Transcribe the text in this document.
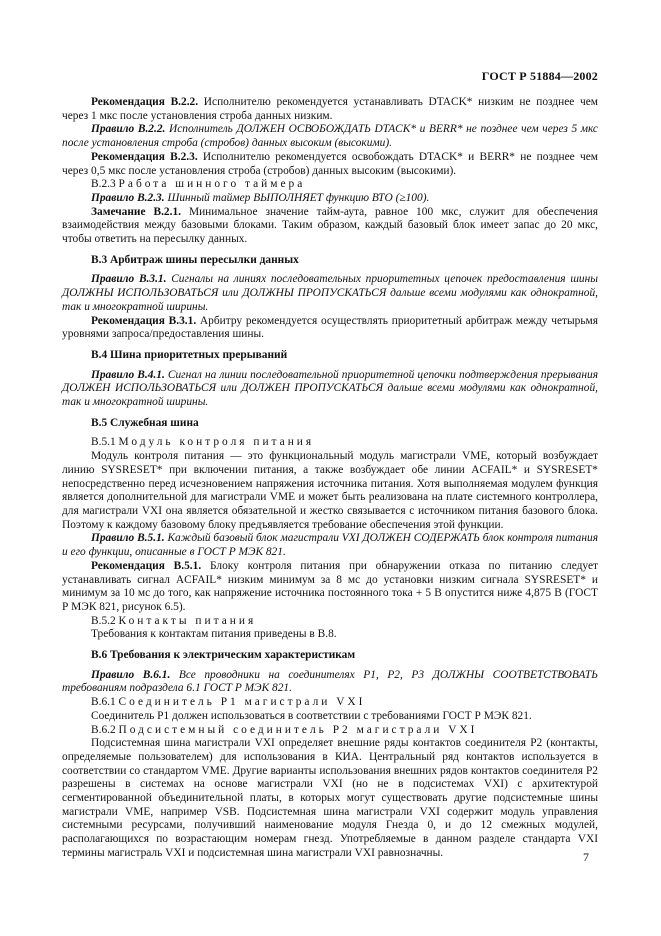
ГОСТ Р 51884—2002

Рекомендация В.2.2. Исполнителю рекомендуется устанавливать DTACK* низким не позднее чем через 1 мкс после установления строба данных низким.

Правило В.2.2. Исполнитель ДОЛЖЕН ОСВОБОЖДАТЬ DTACK* и BERR* не позднее чем через 5 мкс после установления строба (стробов) данных высоким (высокими).

Рекомендация В.2.3. Исполнителю рекомендуется освобождать DTACK* и BERR* не позднее чем через 0,5 мкс после установления строба (стробов) данных высоким (высокими).

В.2.3 Работа шинного таймера

Правило В.2.3. Шинный таймер ВЫПОЛНЯЕТ функцию ВТО (≥100).

Замечание В.2.1. Минимальное значение тайм-аута, равное 100 мкс, служит для обеспечения взаимодействия между базовыми блоками. Таким образом, каждый базовый блок имеет запас до 20 мкс, чтобы ответить на пересылку данных.

В.3 Арбитраж шины пересылки данных

Правило В.3.1. Сигналы на линиях последовательных приоритетных цепочек предоставления шины ДОЛЖНЫ ИСПОЛЬЗОВАТЬСЯ или ДОЛЖНЫ ПРОПУСКАТЬСЯ дальше всеми модулями как однократной, так и многократной ширины.

Рекомендация В.3.1. Арбитру рекомендуется осуществлять приоритетный арбитраж между четырьмя уровнями запроса/предоставления шины.

В.4 Шина приоритетных прерываний

Правило В.4.1. Сигнал на линии последовательной приоритетной цепочки подтверждения прерывания ДОЛЖЕН ИСПОЛЬЗОВАТЬСЯ или ДОЛЖЕН ПРОПУСКАТЬСЯ дальше всеми модулями как однократной, так и многократной ширины.

В.5 Служебная шина

В.5.1 Модуль контроля питания

Модуль контроля питания — это функциональный модуль магистрали VME, который возбуждает линию SYSRESET* при включении питания, а также возбуждает обе линии ACFAIL* и SYSRESET* непосредственно перед исчезновением напряжения источника питания. Хотя выполняемая модулем функция является дополнительной для магистрали VME и может быть реализована на плате системного контроллера, для магистрали VXI она является обязательной и жестко связывается с источником питания базового блока. Поэтому к каждому базовому блоку предъявляется требование обеспечения этой функции.

Правило В.5.1. Каждый базовый блок магистрали VXI ДОЛЖЕН СОДЕРЖАТЬ блок контроля питания и его функции, описанные в ГОСТ Р МЭК 821.

Рекомендация В.5.1. Блоку контроля питания при обнаружении отказа по питанию следует устанавливать сигнал ACFAIL* низким минимум за 8 мс до установки низким сигнала SYSRESET* и минимум за 10 мс до того, как напряжение источника постоянного тока + 5 В опустится ниже 4,875 В (ГОСТ Р МЭК 821, рисунок 6.5).

В.5.2 Контакты питания

Требования к контактам питания приведены в В.8.

В.6 Требования к электрическим характеристикам

Правило В.6.1. Все проводники на соединителях Р1, Р2, Р3 ДОЛЖНЫ СООТВЕТСТВОВАТЬ требованиям подраздела 6.1 ГОСТ Р МЭК 821.

В.6.1 Соединитель Р1 магистрали VXI

Соединитель Р1 должен использоваться в соответствии с требованиями ГОСТ Р МЭК 821.

В.6.2 Подсистемный соединитель Р2 магистрали VXI

Подсистемная шина магистрали VXI определяет внешние ряды контактов соединителя Р2 (контакты, определяемые пользователем) для использования в КИА. Центральный ряд контактов используется в соответствии со стандартом VME. Другие варианты использования внешних рядов контактов соединителя Р2 разрешены в системах на основе магистрали VXI (но не в подсистемах VXI) с архитектурой сегментированной объединительной платы, в которых могут существовать другие подсистемные шины магистрали VME, например VSB. Подсистемная шина магистрали VXI содержит модуль управления системными ресурсами, получивший наименование модуля Гнезда 0, и до 12 смежных модулей, располагающихся по возрастающим номерам гнезд. Употребляемые в данном разделе стандарта VXI термины магистраль VXI и подсистемная шина магистрали VXI равнозначны.	7
